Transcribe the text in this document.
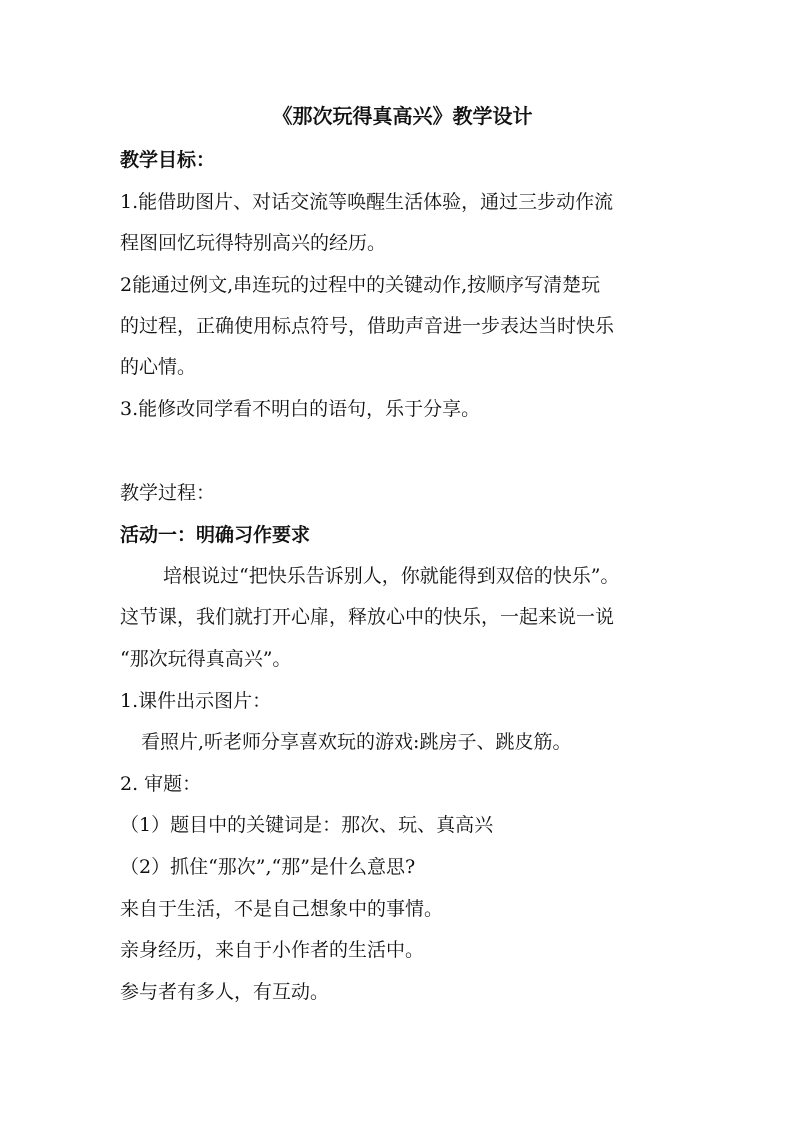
《那次玩得真高兴》教学设计
教学目标：
1.能借助图片、对话交流等唤醒生活体验，通过三步动作流
程图回忆玩得特别高兴的经历。
2能通过例文,串连玩的过程中的关键动作,按顺序写清楚玩
的过程，正确使用标点符号，借助声音进一步表达当时快乐
的心情。
3.能修改同学看不明白的语句，乐于分享。
教学过程：
活动一：明确习作要求
培根说过“把快乐告诉别人，你就能得到双倍的快乐”。
这节课，我们就打开心扉，释放心中的快乐，一起来说一说
“那次玩得真高兴”。
1.课件出示图片：
看照片,听老师分享喜欢玩的游戏:跳房子、跳皮筋。
2. 审题：
（1）题目中的关键词是：那次、玩、真高兴
（2）抓住“那次”,“那”是什么意思?
来自于生活，不是自己想象中的事情。
亲身经历，来自于小作者的生活中。
参与者有多人，有互动。
